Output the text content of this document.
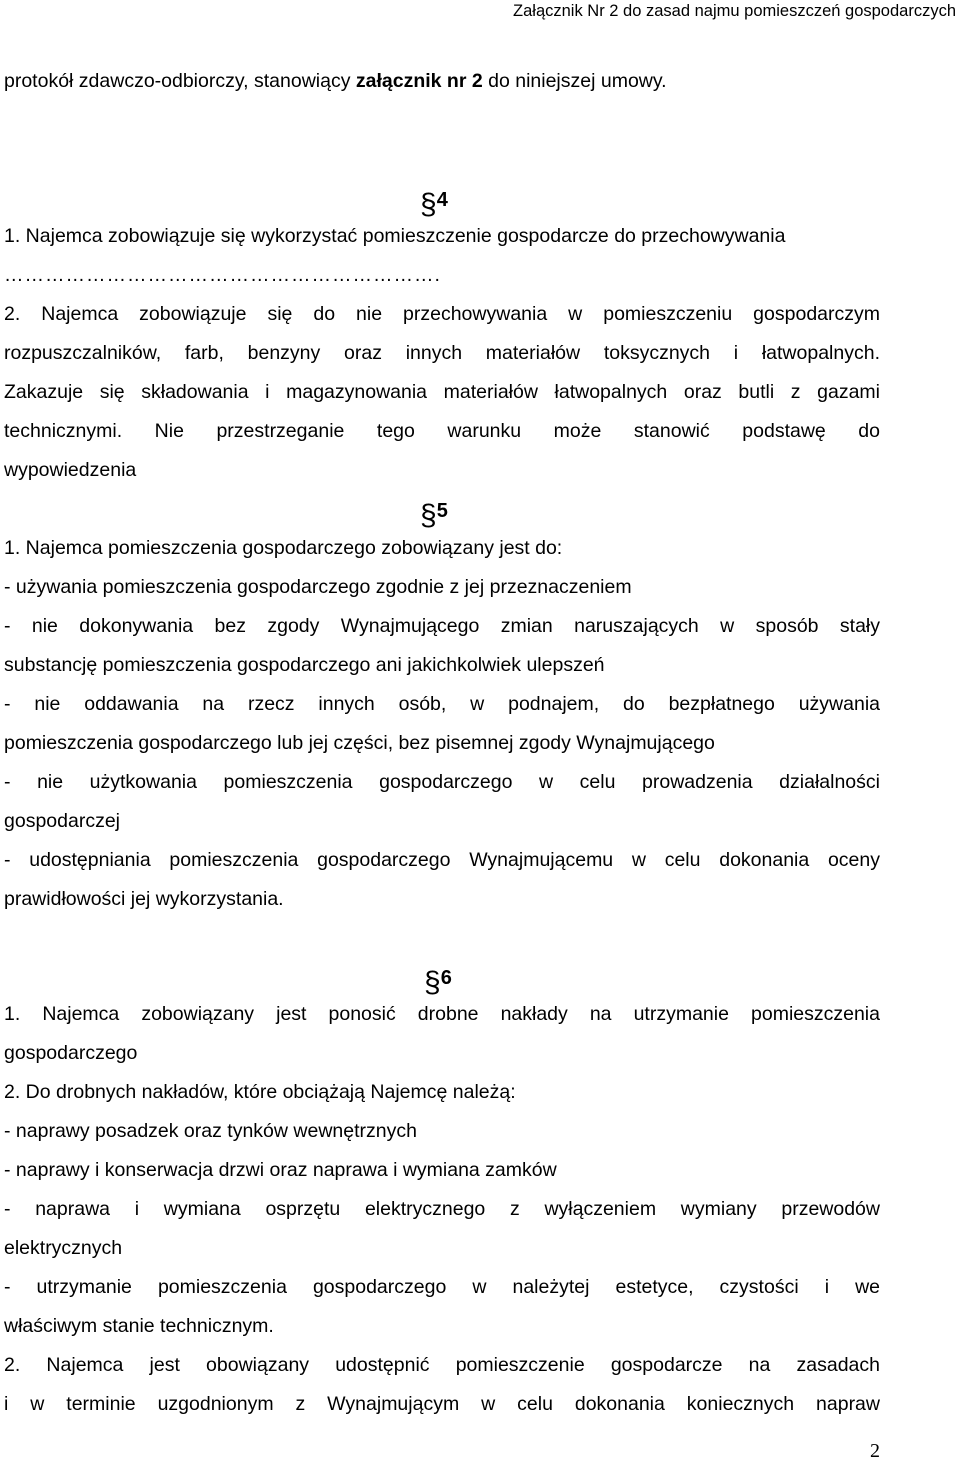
Załącznik Nr 2 do zasad najmu pomieszczeń gospodarczych
protokół zdawczo-odbiorczy, stanowiący załącznik nr 2 do niniejszej umowy.
§4
1. Najemca zobowiązuje się wykorzystać pomieszczenie gospodarcze do przechowywania
……………………………………………………….
2. Najemca zobowiązuje się do nie przechowywania w pomieszczeniu gospodarczym
rozpuszczalników, farb, benzyny oraz innych materiałów toksycznych i łatwopalnych.
Zakazuje się składowania i magazynowania materiałów łatwopalnych oraz butli z gazami
technicznymi. Nie przestrzeganie tego warunku może stanowić podstawę do
wypowiedzenia
§5
1. Najemca pomieszczenia gospodarczego zobowiązany jest do:
- używania pomieszczenia gospodarczego zgodnie z jej przeznaczeniem
- nie dokonywania bez zgody Wynajmującego zmian naruszających w sposób stały
substancję pomieszczenia gospodarczego ani jakichkolwiek ulepszeń
- nie oddawania na rzecz innych osób, w podnajem, do bezpłatnego używania
pomieszczenia gospodarczego lub jej części, bez pisemnej zgody Wynajmującego
- nie użytkowania pomieszczenia gospodarczego w celu prowadzenia działalności
gospodarczej
- udostępniania pomieszczenia gospodarczego Wynajmującemu w celu dokonania oceny
prawidłowości jej wykorzystania.
§6
1. Najemca zobowiązany jest ponosić drobne nakłady na utrzymanie pomieszczenia
gospodarczego
2. Do drobnych nakładów, które obciążają Najemcę należą:
- naprawy posadzek oraz tynków wewnętrznych
- naprawy i konserwacja drzwi oraz naprawa i wymiana zamków
- naprawa i wymiana osprzętu elektrycznego z wyłączeniem wymiany przewodów
elektrycznych
- utrzymanie pomieszczenia gospodarczego w należytej estetyce, czystości i we
właściwym stanie technicznym.
2. Najemca jest obowiązany udostępnić pomieszczenie gospodarcze na zasadach
i w terminie uzgodnionym z Wynajmującym w celu dokonania koniecznych napraw
2
